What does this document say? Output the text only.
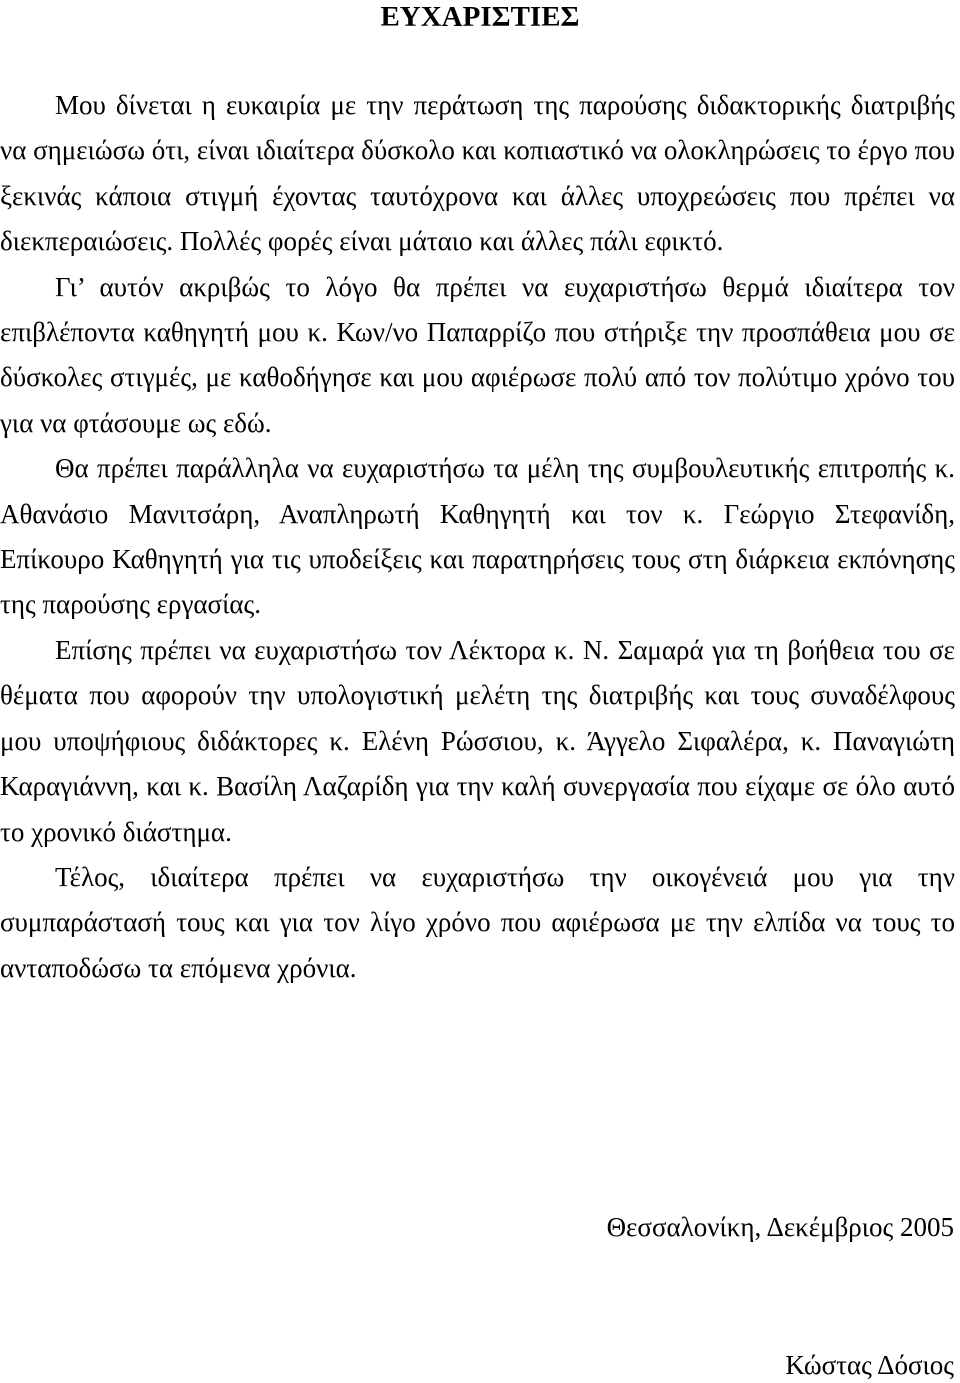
ΕΥΧΑΡΙΣΤΙΕΣ

Μου δίνεται η ευκαιρία με την περάτωση της παρούσης διδακτορικής διατριβής να σημειώσω ότι, είναι ιδιαίτερα δύσκολο και κοπιαστικό να ολοκληρώσεις το έργο που ξεκινάς κάποια στιγμή έχοντας ταυτόχρονα και άλλες υποχρεώσεις που πρέπει να διεκπεραιώσεις. Πολλές φορές είναι μάταιο και άλλες πάλι εφικτό.

Γι’ αυτόν ακριβώς το λόγο θα πρέπει να ευχαριστήσω θερμά ιδιαίτερα τον επιβλέποντα καθηγητή μου κ. Κων/νο Παπαρρίζο που στήριξε την προσπάθεια μου σε δύσκολες στιγμές, με καθοδήγησε και μου αφιέρωσε πολύ από τον πολύτιμο χρόνο του για να φτάσουμε ως εδώ.

Θα πρέπει παράλληλα να ευχαριστήσω τα μέλη της συμβουλευτικής επιτροπής κ. Αθανάσιο Μανιτσάρη, Αναπληρωτή Καθηγητή και τον κ. Γεώργιο Στεφανίδη, Επίκουρο Καθηγητή για τις υποδείξεις και παρατηρήσεις τους στη διάρκεια εκπόνησης της παρούσης εργασίας.

Επίσης πρέπει να ευχαριστήσω τον Λέκτορα κ. Ν. Σαμαρά για τη βοήθεια του σε θέματα που αφορούν την υπολογιστική μελέτη της διατριβής και τους συναδέλφους μου υποψήφιους διδάκτορες κ. Ελένη Ρώσσιου, κ. Άγγελο Σιφαλέρα, κ. Παναγιώτη Καραγιάννη, και κ. Βασίλη Λαζαρίδη για την καλή συνεργασία που είχαμε σε όλο αυτό το χρονικό διάστημα.

Τέλος, ιδιαίτερα πρέπει να ευχαριστήσω την οικογένειά μου για την συμπαράστασή τους και για τον λίγο χρόνο που αφιέρωσα με την ελπίδα να τους το ανταποδώσω τα επόμενα χρόνια.

Θεσσαλονίκη, Δεκέμβριος 2005

Κώστας Δόσιος
